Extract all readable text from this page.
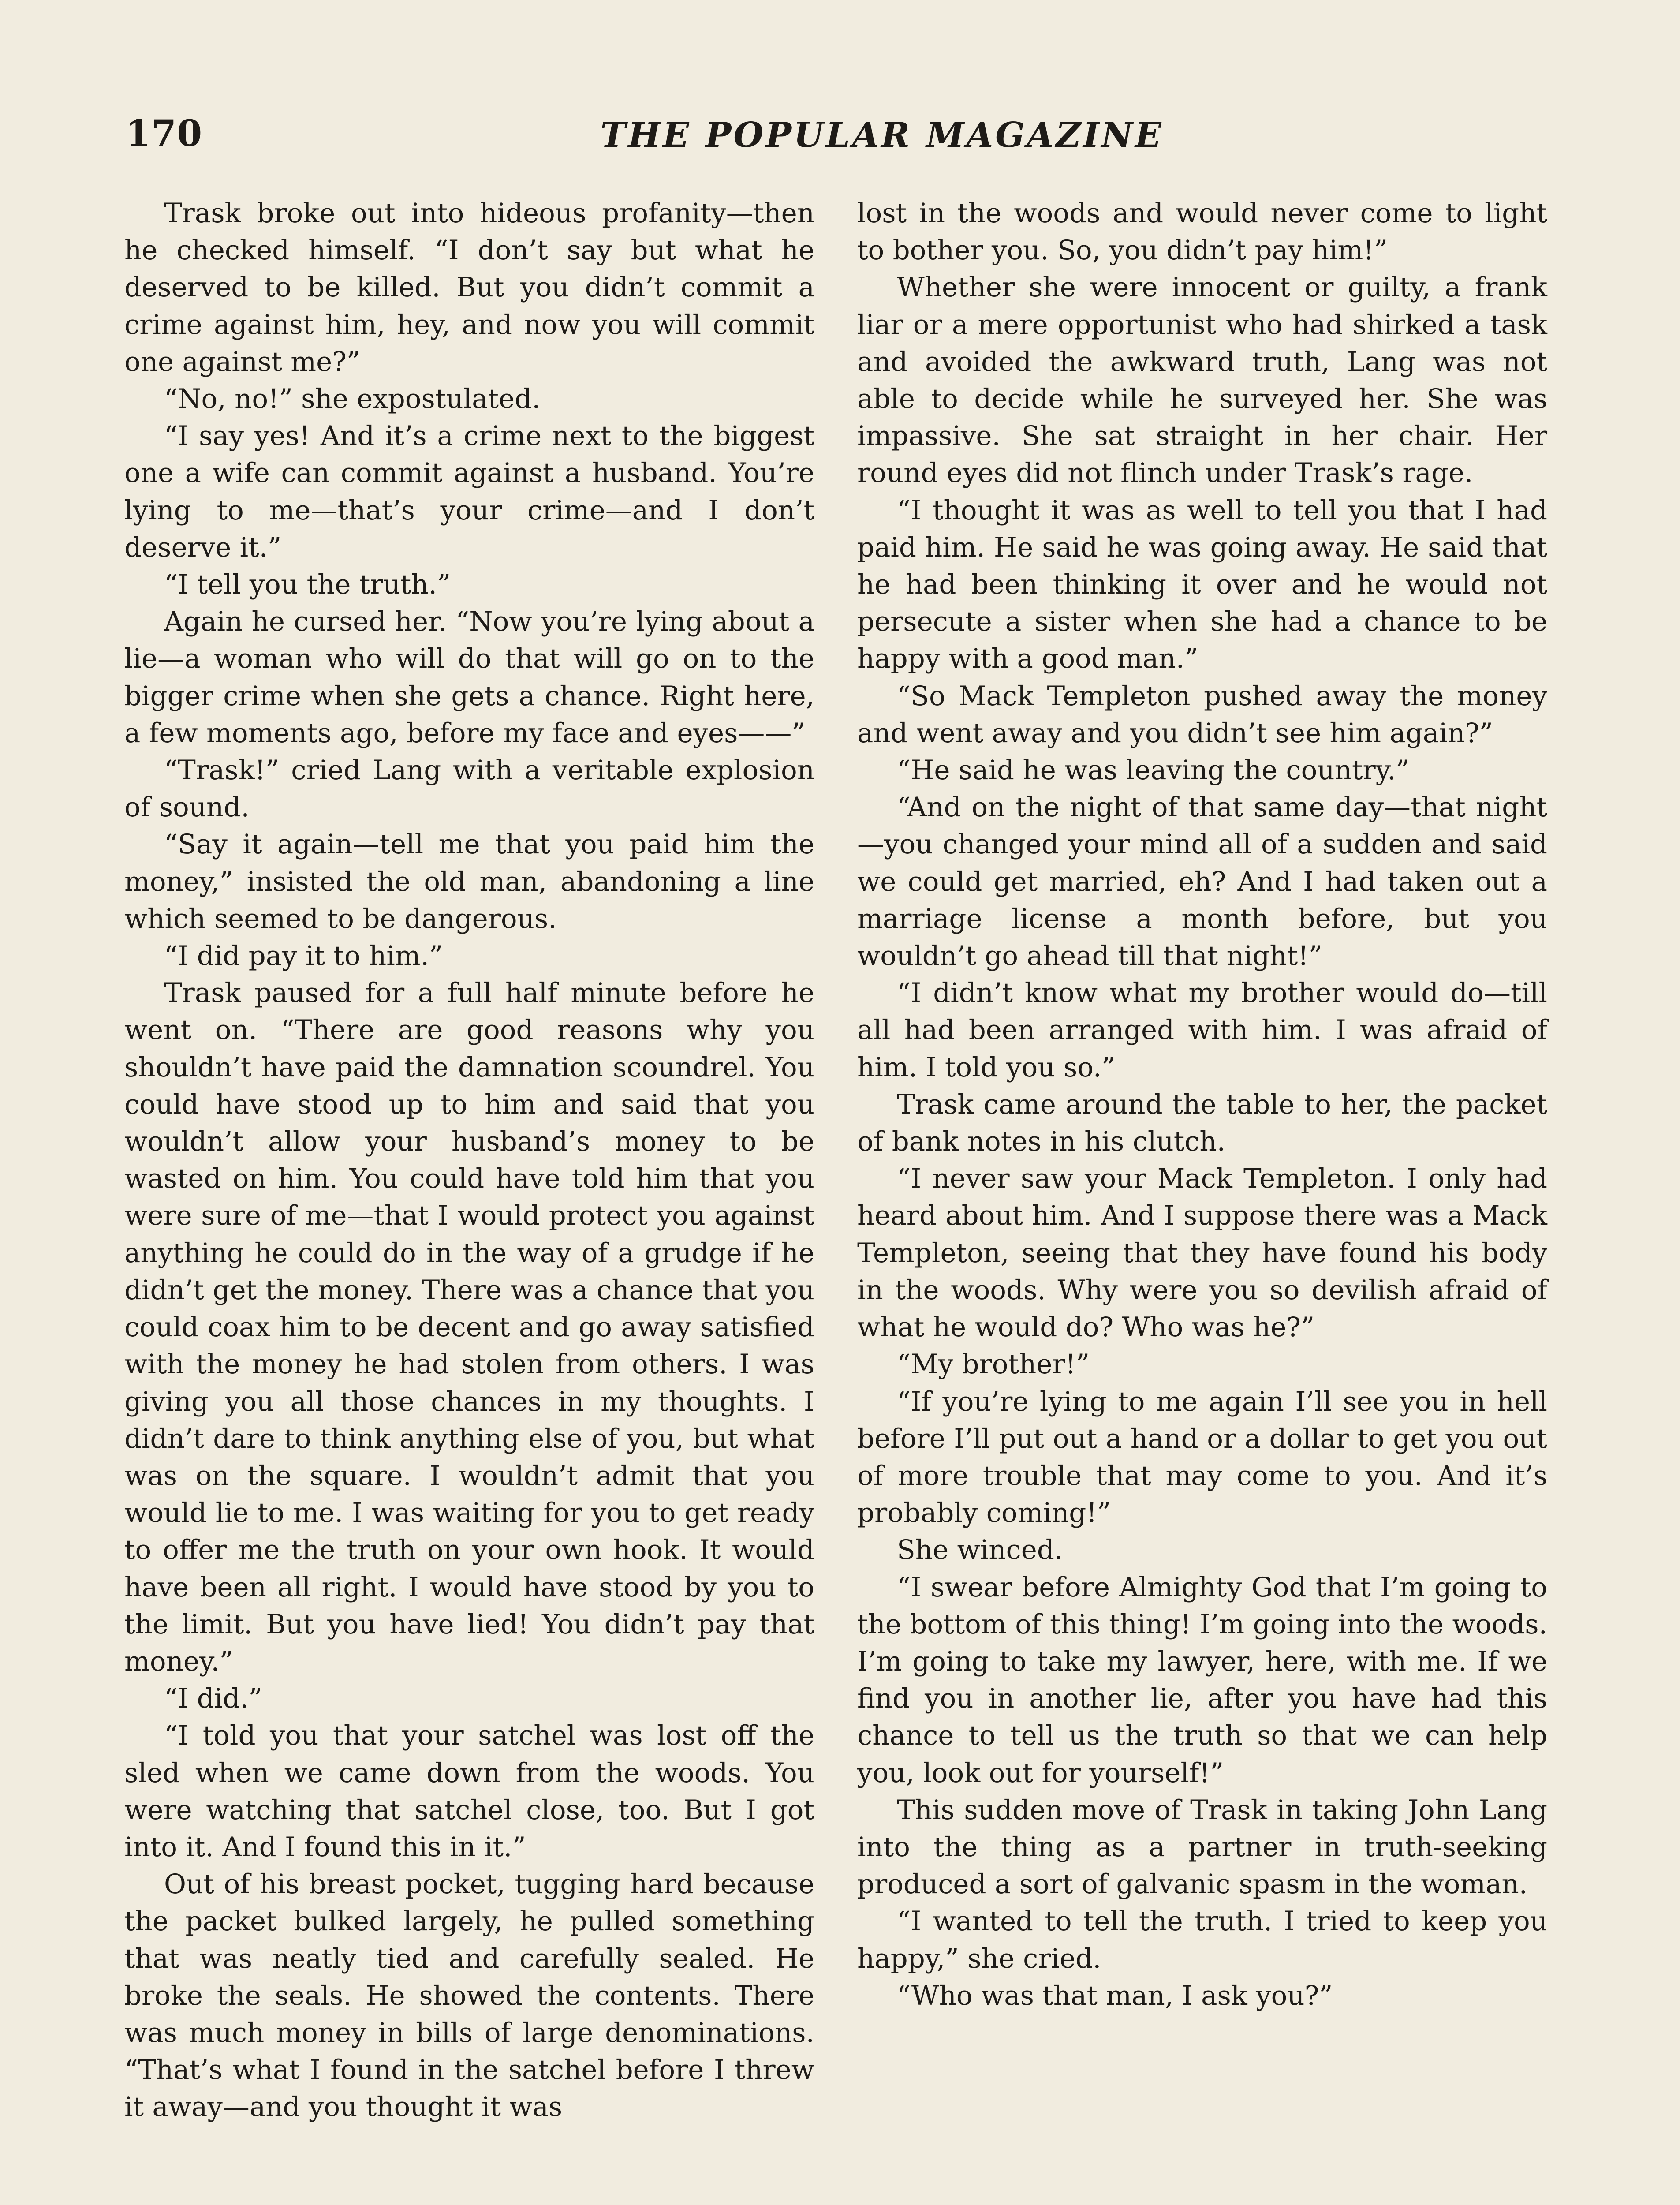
170	THE POPULAR MAGAZINE

Trask broke out into hideous profanity—then he checked himself. “I don’t say but what he deserved to be killed. But you didn’t commit a crime against him, hey, and now you will commit one against me?”

“No, no!” she expostulated.

“I say yes! And it’s a crime next to the biggest one a wife can commit against a husband. You’re lying to me—that’s your crime—and I don’t deserve it.”

“I tell you the truth.”

Again he cursed her. “Now you’re lying about a lie—a woman who will do that will go on to the bigger crime when she gets a chance. Right here, a few moments ago, before my face and eyes——”

“Trask!” cried Lang with a veritable explosion of sound.

“Say it again—tell me that you paid him the money,” insisted the old man, abandoning a line which seemed to be dangerous.

“I did pay it to him.”

Trask paused for a full half minute before he went on. “There are good reasons why you shouldn’t have paid the damnation scoundrel. You could have stood up to him and said that you wouldn’t allow your husband’s money to be wasted on him. You could have told him that you were sure of me—that I would protect you against anything he could do in the way of a grudge if he didn’t get the money. There was a chance that you could coax him to be decent and go away satisfied with the money he had stolen from others. I was giving you all those chances in my thoughts. I didn’t dare to think anything else of you, but what was on the square. I wouldn’t admit that you would lie to me. I was waiting for you to get ready to offer me the truth on your own hook. It would have been all right. I would have stood by you to the limit. But you have lied! You didn’t pay that money.”

“I did.”

“I told you that your satchel was lost off the sled when we came down from the woods. You were watching that satchel close, too. But I got into it. And I found this in it.”

Out of his breast pocket, tugging hard because the packet bulked largely, he pulled something that was neatly tied and carefully sealed. He broke the seals. He showed the contents. There was much money in bills of large denominations. “That’s what I found in the satchel before I threw it away—and you thought it was

lost in the woods and would never come to light to bother you. So, you didn’t pay him!”

Whether she were innocent or guilty, a frank liar or a mere opportunist who had shirked a task and avoided the awkward truth, Lang was not able to decide while he surveyed her. She was impassive. She sat straight in her chair. Her round eyes did not flinch under Trask’s rage.

“I thought it was as well to tell you that I had paid him. He said he was going away. He said that he had been thinking it over and he would not persecute a sister when she had a chance to be happy with a good man.”

“So Mack Templeton pushed away the money and went away and you didn’t see him again?”

“He said he was leaving the country.”

“And on the night of that same day—that night—you changed your mind all of a sudden and said we could get married, eh? And I had taken out a marriage license a month before, but you wouldn’t go ahead till that night!”

“I didn’t know what my brother would do—till all had been arranged with him. I was afraid of him. I told you so.”

Trask came around the table to her, the packet of bank notes in his clutch.

“I never saw your Mack Templeton. I only had heard about him. And I suppose there was a Mack Templeton, seeing that they have found his body in the woods. Why were you so devilish afraid of what he would do? Who was he?”

“My brother!”

“If you’re lying to me again I’ll see you in hell before I’ll put out a hand or a dollar to get you out of more trouble that may come to you. And it’s probably coming!”

She winced.

“I swear before Almighty God that I’m going to the bottom of this thing! I’m going into the woods. I’m going to take my lawyer, here, with me. If we find you in another lie, after you have had this chance to tell us the truth so that we can help you, look out for yourself!”

This sudden move of Trask in taking John Lang into the thing as a partner in truth-seeking produced a sort of galvanic spasm in the woman.

“I wanted to tell the truth. I tried to keep you happy,” she cried.

“Who was that man, I ask you?”
